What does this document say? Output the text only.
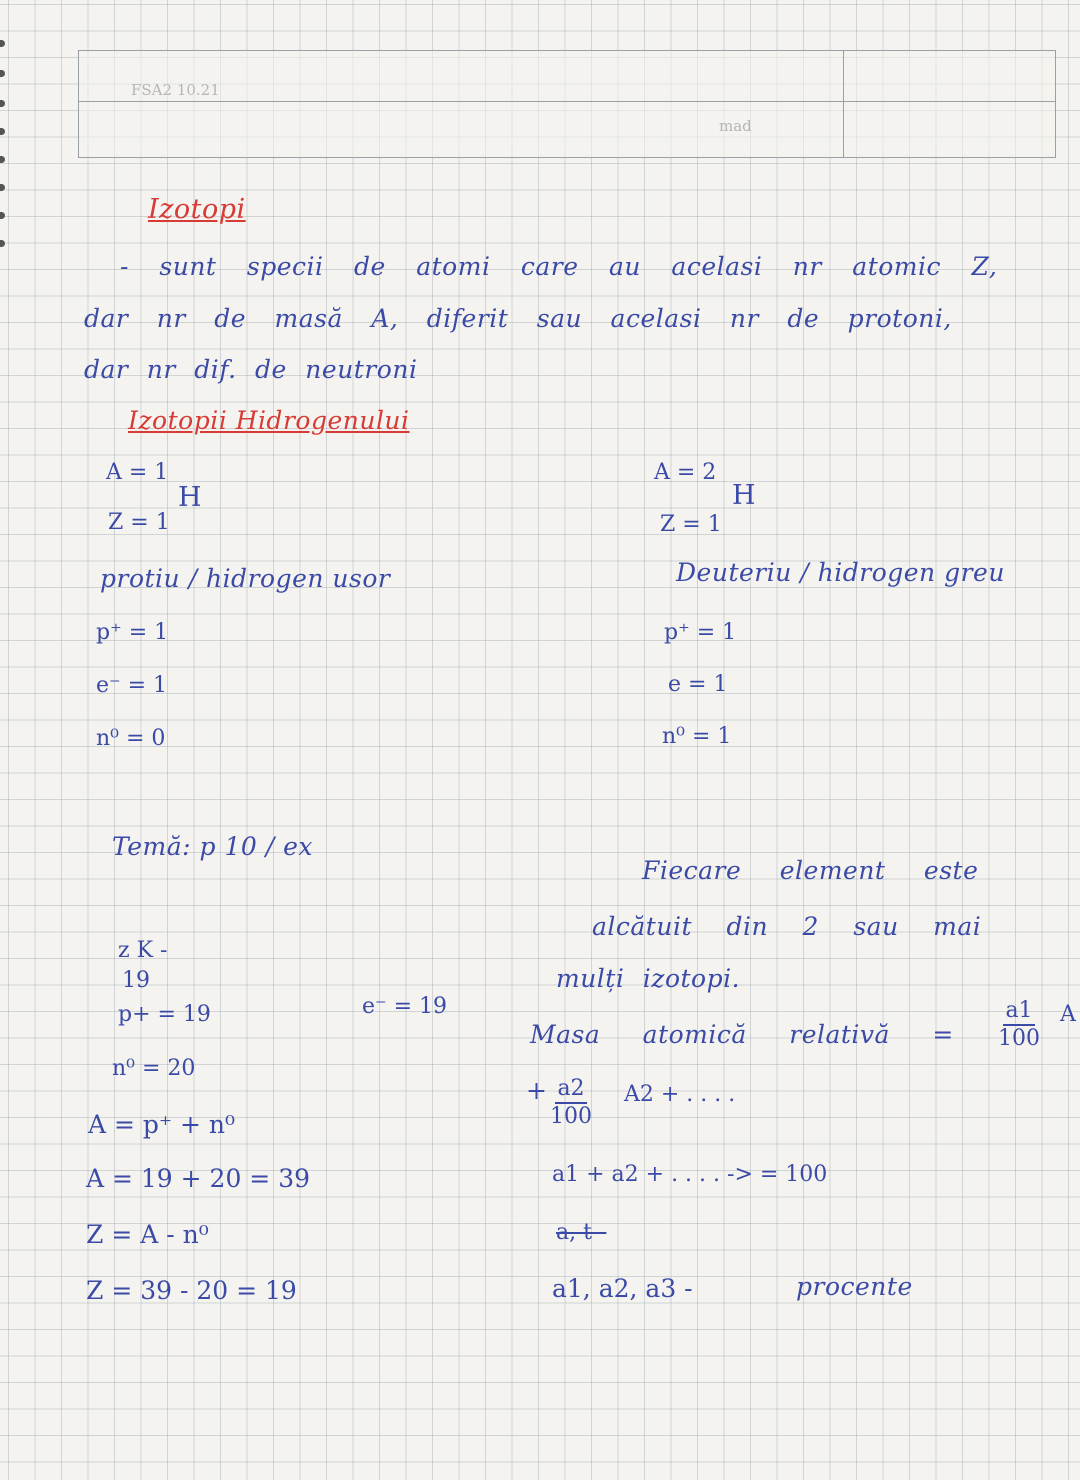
FSA2 10.21
mad
Izotopi
- sunt specii de atomi care au acelasi nr atomic Z,
dar nr de masă A, diferit sau acelasi nr de protoni,
dar nr dif. de neutroni
Izotopii Hidrogenului
A = 1
H
Z = 1
protiu / hidrogen usor
p⁺ = 1
e⁻ = 1
n⁰ = 0
A = 2
H
Z = 1
Deuteriu / hidrogen greu
p⁺ = 1
e = 1
n⁰ = 1
Temă: p 10 / ex
z K -
19
p+ = 19	e⁻ = 19
n⁰ = 20
A = p⁺ + n⁰
A = 19 + 20 = 39
Z = A - n⁰
Z = 39 - 20 = 19
Fiecare element este
alcătuit din 2 sau mai
mulți izotopi.
Masa atomică relativă = $\frac{a1}{100}$ A
+ $\frac{a2}{100} A2$ + . . . .
a1 + a2 + . . . . -> = 100
a, t -
a1, a2, a3 -	procente
